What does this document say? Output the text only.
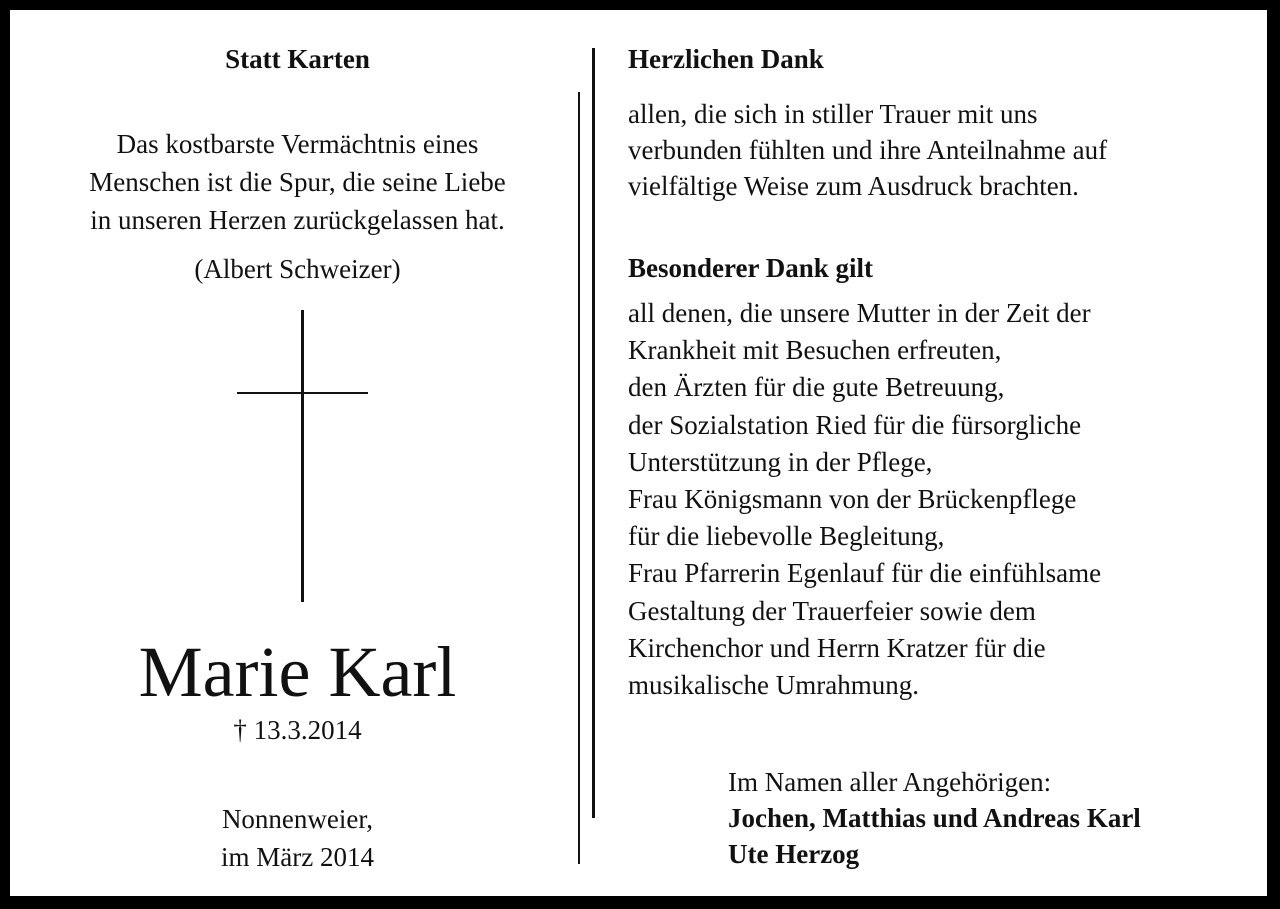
Statt Karten
Das kostbarste Vermächtnis eines
Menschen ist die Spur, die seine Liebe
in unseren Herzen zurückgelassen hat.
(Albert Schweizer)
Marie Karl
† 13.3.2014
Nonnenweier,
im März 2014
Herzlichen Dank
allen, die sich in stiller Trauer mit uns
verbunden fühlten und ihre Anteilnahme auf
vielfältige Weise zum Ausdruck brachten.
Besonderer Dank gilt
all denen, die unsere Mutter in der Zeit der
Krankheit mit Besuchen erfreuten,
den Ärzten für die gute Betreuung,
der Sozialstation Ried für die fürsorgliche
Unterstützung in der Pflege,
Frau Königsmann von der Brückenpflege
für die liebevolle Begleitung,
Frau Pfarrerin Egenlauf für die einfühlsame
Gestaltung der Trauerfeier sowie dem
Kirchenchor und Herrn Kratzer für die
musikalische Umrahmung.
Im Namen aller Angehörigen:
Jochen, Matthias und Andreas Karl
Ute Herzog
